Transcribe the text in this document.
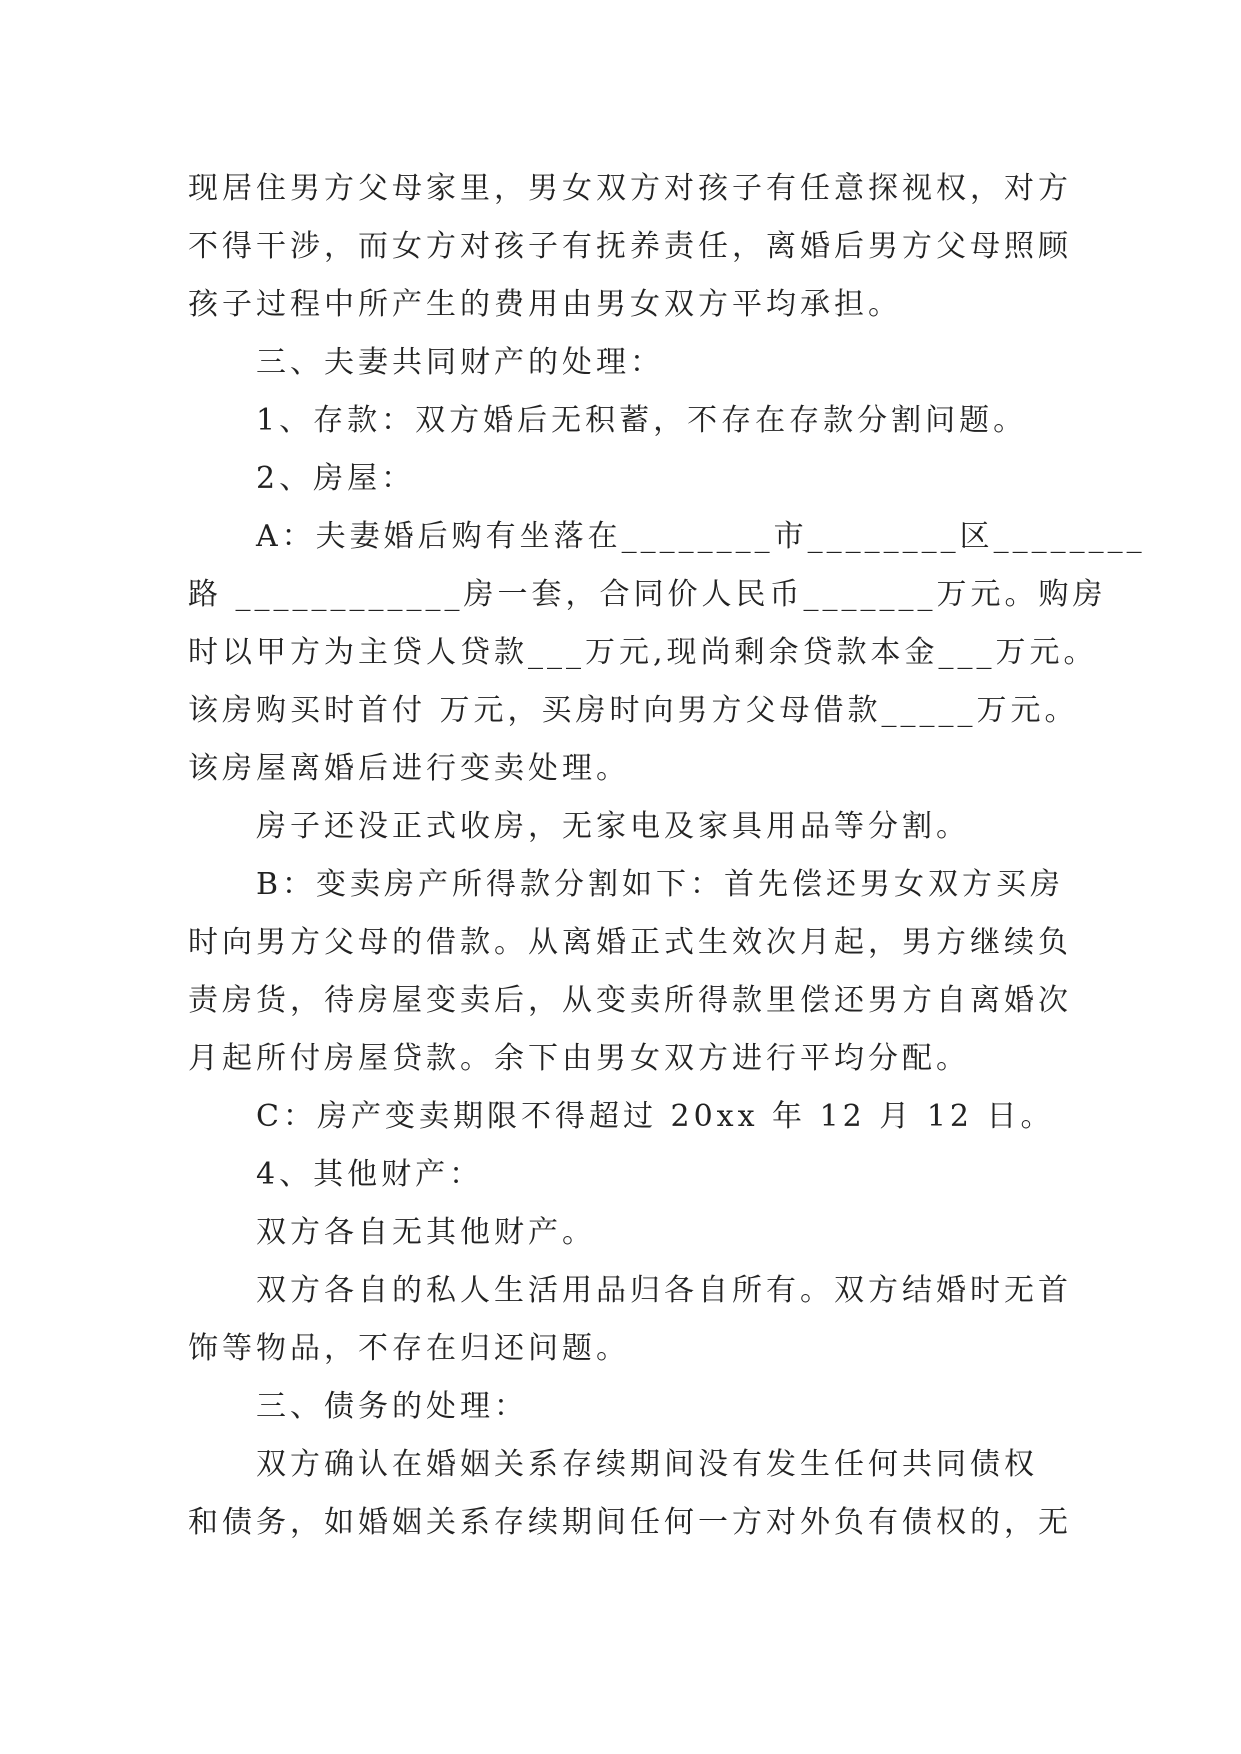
现居住男方父母家里，男女双方对孩子有任意探视权，对方

不得干涉，而女方对孩子有抚养责任，离婚后男方父母照顾

孩子过程中所产生的费用由男女双方平均承担。

三、夫妻共同财产的处理：

1、存款：双方婚后无积蓄，不存在存款分割问题。

2、房屋：

A：夫妻婚后购有坐落在________市________区________

路 ____________房一套，合同价人民币_______万元。购房

时以甲方为主贷人贷款___万元,现尚剩余贷款本金___万元。

该房购买时首付 万元，买房时向男方父母借款_____万元。

该房屋离婚后进行变卖处理。

房子还没正式收房，无家电及家具用品等分割。

B：变卖房产所得款分割如下：首先偿还男女双方买房

时向男方父母的借款。从离婚正式生效次月起，男方继续负

责房货，待房屋变卖后，从变卖所得款里偿还男方自离婚次

月起所付房屋贷款。余下由男女双方进行平均分配。

C：房产变卖期限不得超过 20xx 年 12 月 12 日。

4、其他财产：

双方各自无其他财产。

双方各自的私人生活用品归各自所有。双方结婚时无首

饰等物品，不存在归还问题。

三、债务的处理：

双方确认在婚姻关系存续期间没有发生任何共同债权

和债务，如婚姻关系存续期间任何一方对外负有债权的，无
